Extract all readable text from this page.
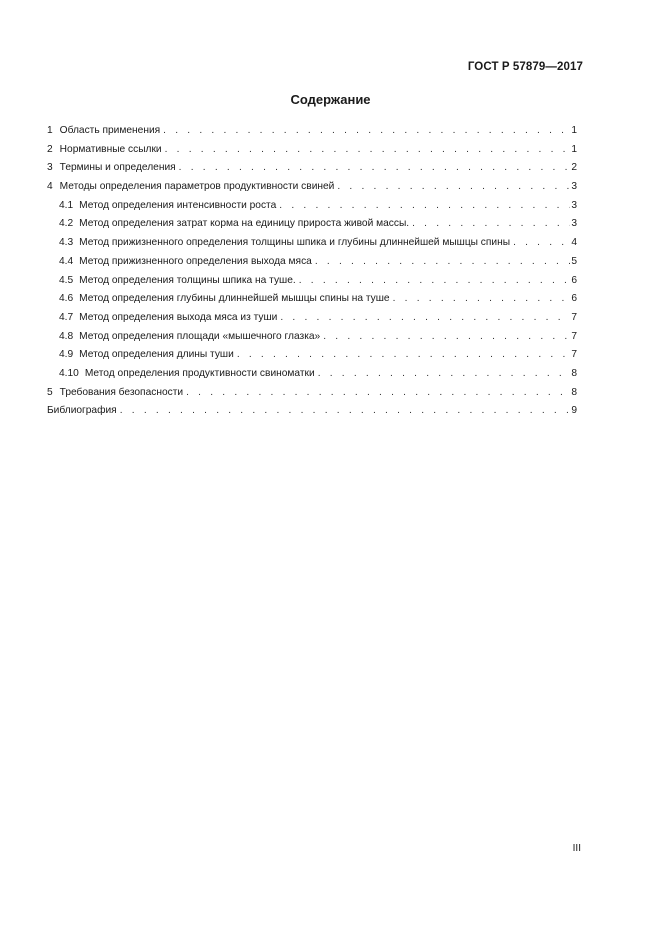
ГОСТ Р 57879—2017
Содержание
1 Область применения . . .	1
2 Нормативные ссылки . . .	1
3 Термины и определения . . .	2
4 Методы определения параметров продуктивности свиней . . .	3
4.1 Метод определения интенсивности роста . . .	3
4.2 Метод определения затрат корма на единицу прироста живой массы. . . .	3
4.3 Метод прижизненного определения толщины шпика и глубины длиннейшей мышцы спины . . .	4
4.4 Метод прижизненного определения выхода мяса . . .	5
4.5 Метод определения толщины шпика на туше. . . .	6
4.6 Метод определения глубины длиннейшей мышцы спины на туше . . .	6
4.7 Метод определения выхода мяса из туши . . .	7
4.8 Метод определения площади «мышечного глазка» . . .	7
4.9 Метод определения длины туши . . .	7
4.10 Метод определения продуктивности свиноматки . . .	8
5 Требования безопасности . . .	8
Библиография . . .	9
III
